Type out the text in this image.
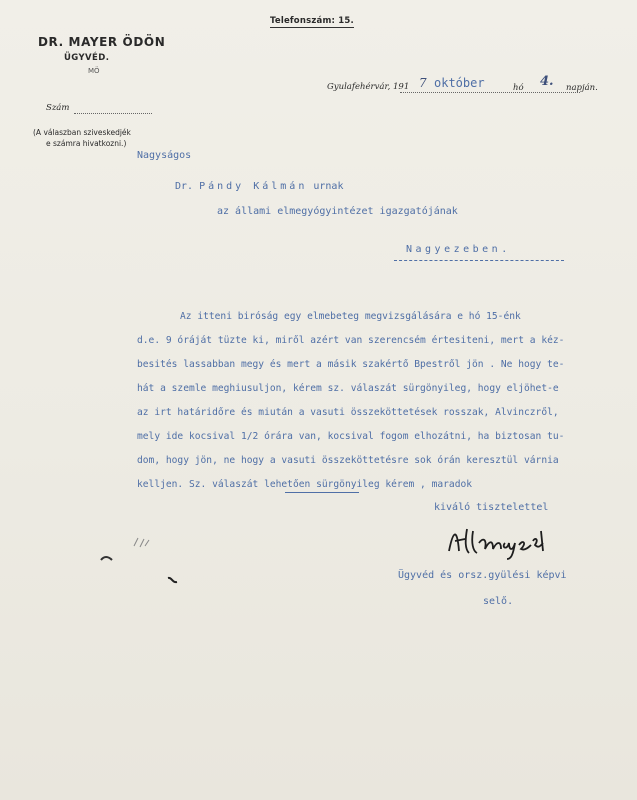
Telefonszám: 15.
DR. MAYER ÖDÖN
ÜGYVÉD.
MÖ
Gyulafehérvár, 191 7 október	hó 4. napján.
Szám
(A válaszban sziveskedjék
e számra hivatkozni.)
Nagyságos
Dr. Pándy Kálmán urnak
az állami elmegyógyintézet igazgatójának
Nagyezeben.
Az itteni biróság egy elmebeteg megvizsgálására e hó 15-énk
d.e. 9 óráját tüzte ki, miről azért van szerencsém értesiteni, mert a kéz-
besités lassabban megy és mert a másik szakértő Bpestről jön . Ne hogy te-
hát a szemle meghiusuljon, kérem sz. válaszát sürgönyileg, hogy eljöhet-e
az irt határidőre és miután a vasuti összeköttetések rosszak, Alvinczről,
mely ide kocsival 1/2 órára van, kocsival fogom elhozátni, ha biztosan tu-
dom, hogy jön, ne hogy a vasuti összeköttetésre sok órán keresztül várnia
kelljen. Sz. válaszát lehetően sürgönyileg kérem , maradok
kiváló tisztelettel
Ügyvéd és orsz.gyülési képvi
selő.
